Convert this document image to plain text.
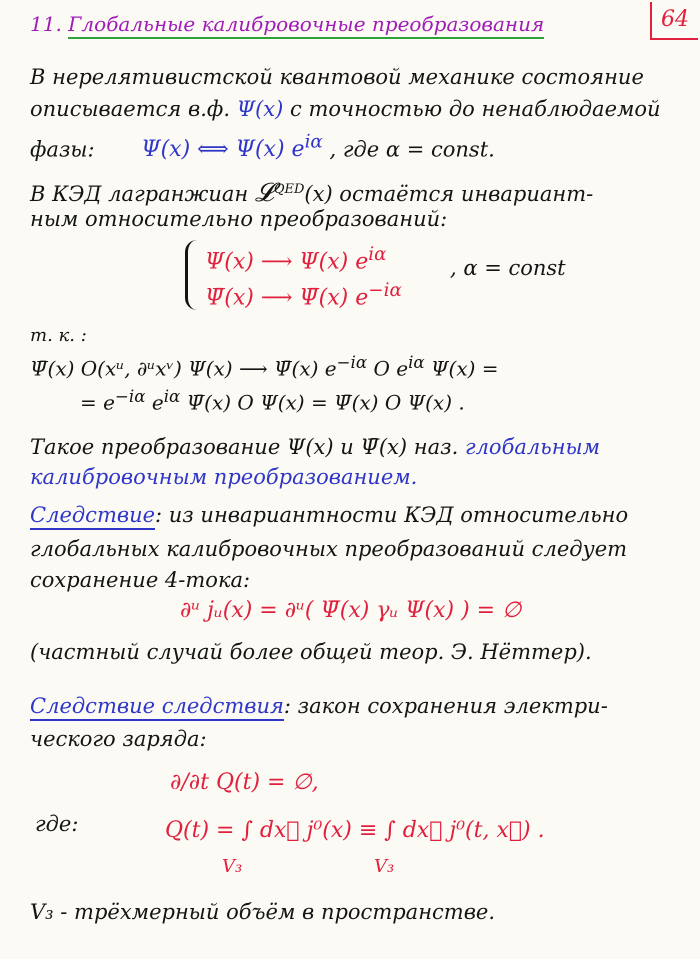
64
11. Глобальные калибровочные преобразования
В нерелятивистской квантовой механике состояние
описывается в.ф. Ψ(x) с точностью до ненаблюдаемой
фазы: Ψ(x) ⟺ Ψ(x) $e^{i\alpha}$ , где α = const.
В КЭД лагранжиан 𝓛$^{QED}$(x) остаётся инвариант-
ным относительно преобразований:
Ψ(x) ⟶ Ψ(x) $e^{i\alpha}$
Ψ̄(x) ⟶ Ψ̄(x) $e^{-i\alpha}$
, α = const
т. к. :
Ψ̄(x) O(xᵘ, ∂ᵘxᵛ) Ψ(x) ⟶ Ψ̄(x) $e^{-i\alpha}$ O $e^{i\alpha}$ Ψ(x) =
= $e^{-i\alpha}$ $e^{i\alpha}$ Ψ̄(x) O Ψ(x) = Ψ̄(x) O Ψ(x) .
Такое преобразование Ψ(x) и Ψ̄(x) наз. глобальным
калибровочным преобразованием.
Следствие: из инвариантности КЭД относительно
глобальных калибровочных преобразований следует
сохранение 4-тока:
∂ᵘ jᵤ(x) = ∂ᵘ( Ψ̄(x) γᵤ Ψ(x) ) = ∅
(частный случай более общей теор. Э. Нёттер).
Следствие следствия: закон сохранения электри-
ческого заряда:
∂/∂t Q(t) = ∅,
где:	Q(t) = ∫ dx⃗ j⁰(x) ≡ ∫ dx⃗ j⁰(t, x⃗) .
V₃	V₃
V₃ - трёхмерный объём в пространстве.
